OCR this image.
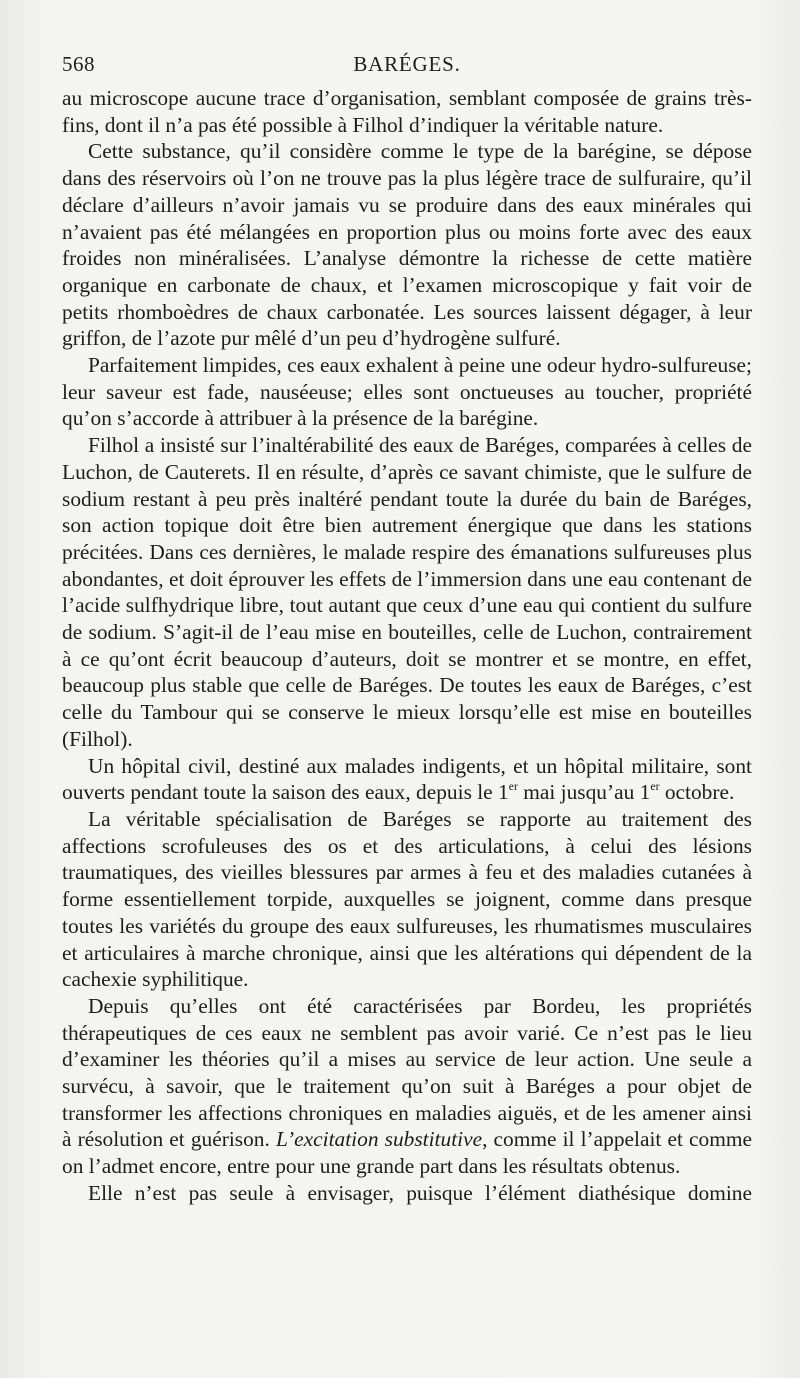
568	BARÉGES.

au microscope aucune trace d’organisation, semblant composée de grains très-fins, dont il n’a pas été possible à Filhol d’indiquer la véritable nature.

Cette substance, qu’il considère comme le type de la barégine, se dépose dans des réservoirs où l’on ne trouve pas la plus légère trace de sulfuraire, qu’il déclare d’ailleurs n’avoir jamais vu se produire dans des eaux minérales qui n’avaient pas été mélangées en proportion plus ou moins forte avec des eaux froides non minéralisées. L’analyse démontre la richesse de cette matière organique en carbonate de chaux, et l’examen microscopique y fait voir de petits rhomboèdres de chaux carbonatée. Les sources laissent dégager, à leur griffon, de l’azote pur mêlé d’un peu d’hydrogène sulfuré.

Parfaitement limpides, ces eaux exhalent à peine une odeur hydro-sulfureuse; leur saveur est fade, nauséeuse; elles sont onctueuses au toucher, propriété qu’on s’accorde à attribuer à la présence de la barégine.

Filhol a insisté sur l’inaltérabilité des eaux de Baréges, comparées à celles de Luchon, de Cauterets. Il en résulte, d’après ce savant chimiste, que le sulfure de sodium restant à peu près inaltéré pendant toute la durée du bain de Baréges, son action topique doit être bien autrement énergique que dans les stations précitées. Dans ces dernières, le malade respire des émanations sulfureuses plus abondantes, et doit éprouver les effets de l’immersion dans une eau contenant de l’acide sulfhydrique libre, tout autant que ceux d’une eau qui contient du sulfure de sodium. S’agit-il de l’eau mise en bouteilles, celle de Luchon, contrairement à ce qu’ont écrit beaucoup d’auteurs, doit se montrer et se montre, en effet, beaucoup plus stable que celle de Baréges. De toutes les eaux de Baréges, c’est celle du Tambour qui se conserve le mieux lorsqu’elle est mise en bouteilles (Filhol).

Un hôpital civil, destiné aux malades indigents, et un hôpital militaire, sont ouverts pendant toute la saison des eaux, depuis le 1er mai jusqu’au 1er octobre.

La véritable spécialisation de Baréges se rapporte au traitement des affections scrofuleuses des os et des articulations, à celui des lésions traumatiques, des vieilles blessures par armes à feu et des maladies cutanées à forme essentiellement torpide, auxquelles se joignent, comme dans presque toutes les variétés du groupe des eaux sulfureuses, les rhumatismes musculaires et articulaires à marche chronique, ainsi que les altérations qui dépendent de la cachexie syphilitique.

Depuis qu’elles ont été caractérisées par Bordeu, les propriétés thérapeutiques de ces eaux ne semblent pas avoir varié. Ce n’est pas le lieu d’examiner les théories qu’il a mises au service de leur action. Une seule a survécu, à savoir, que le traitement qu’on suit à Baréges a pour objet de transformer les affections chroniques en maladies aiguës, et de les amener ainsi à résolution et guérison. L’excitation substitutive, comme il l’appelait et comme on l’admet encore, entre pour une grande part dans les résultats obtenus.

Elle n’est pas seule à envisager, puisque l’élément diathésique domine
